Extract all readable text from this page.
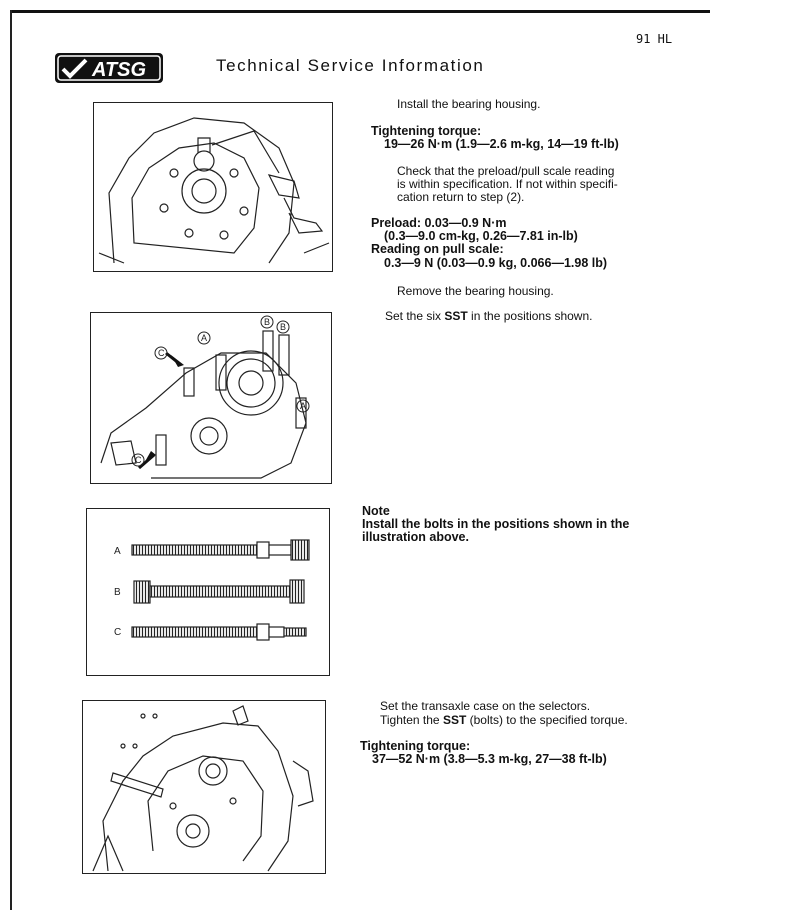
91 HL
ATSG	Technical Service Information
A
B B
C
A
C
A
B
C
Install the bearing housing.
Tightening torque:
19—26 N·m (1.9—2.6 m-kg, 14—19 ft-lb)
Check that the preload/pull scale reading
is within specification. If not within specifi-
cation return to step (2).
Preload: 0.03—0.9 N·m
(0.3—9.0 cm-kg, 0.26—7.81 in-lb)
Reading on pull scale:
0.3—9 N (0.03—0.9 kg, 0.066—1.98 lb)
Remove the bearing housing.
Set the six SST in the positions shown.
Note
Install the bolts in the positions shown in the
illustration above.
Set the transaxle case on the selectors.
Tighten the SST (bolts) to the specified torque.
Tightening torque:
37—52 N·m (3.8—5.3 m-kg, 27—38 ft-lb)
